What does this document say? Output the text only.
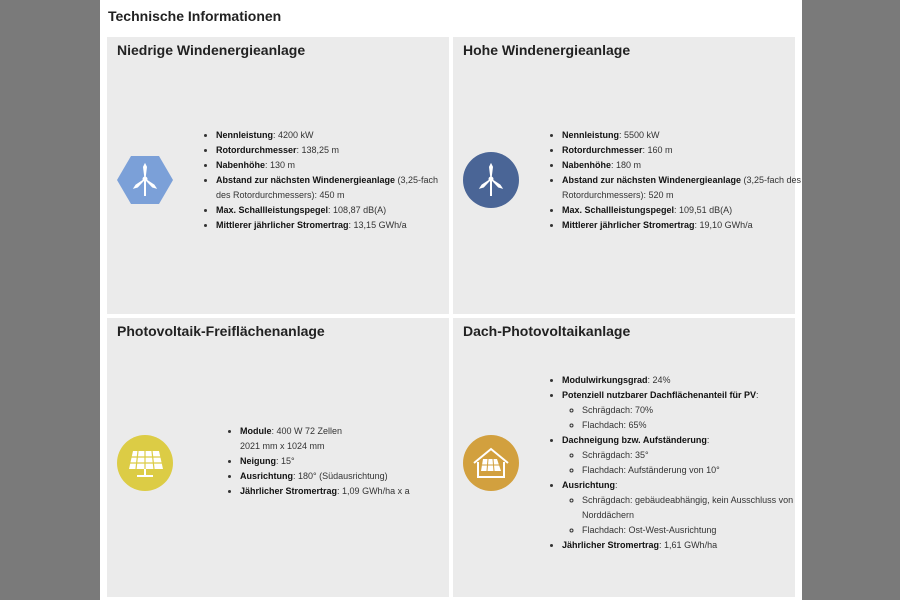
Technische Informationen
Niedrige Windenergieanlage
• Nennleistung: 4200 kW
• Rotordurchmesser: 138,25 m
• Nabenhöhe: 130 m
• Abstand zur nächsten Windenergieanlage (3,25-fach des Rotordurchmessers): 450 m
• Max. Schallleistungspegel: 108,87 dB(A)
• Mittlerer jährlicher Stromertrag: 13,15 GWh/a
Hohe Windenergieanlage
• Nennleistung: 5500 kW
• Rotordurchmesser: 160 m
• Nabenhöhe: 180 m
• Abstand zur nächsten Windenergieanlage (3,25-fach des Rotordurchmessers): 520 m
• Max. Schallleistungspegel: 109,51 dB(A)
• Mittlerer jährlicher Stromertrag: 19,10 GWh/a
Photovoltaik-Freiflächenanlage
• Module: 400 W 72 Zellen
2021 mm x 1024 mm
• Neigung: 15°
• Ausrichtung: 180° (Südausrichtung)
• Jährlicher Stromertrag: 1,09 GWh/ha x a
Dach-Photovoltaikanlage
• Modulwirkungsgrad: 24%
• Potenziell nutzbarer Dachflächenanteil für PV:
◦ Schrägdach: 70%
◦ Flachdach: 65%
• Dachneigung bzw. Aufständerung:
◦ Schrägdach: 35°
◦ Flachdach: Aufständerung von 10°
• Ausrichtung:
◦ Schrägdach: gebäudeabhängig, kein Ausschluss von Norddächern
◦ Flachdach: Ost-West-Ausrichtung
• Jährlicher Stromertrag: 1,61 GWh/ha
